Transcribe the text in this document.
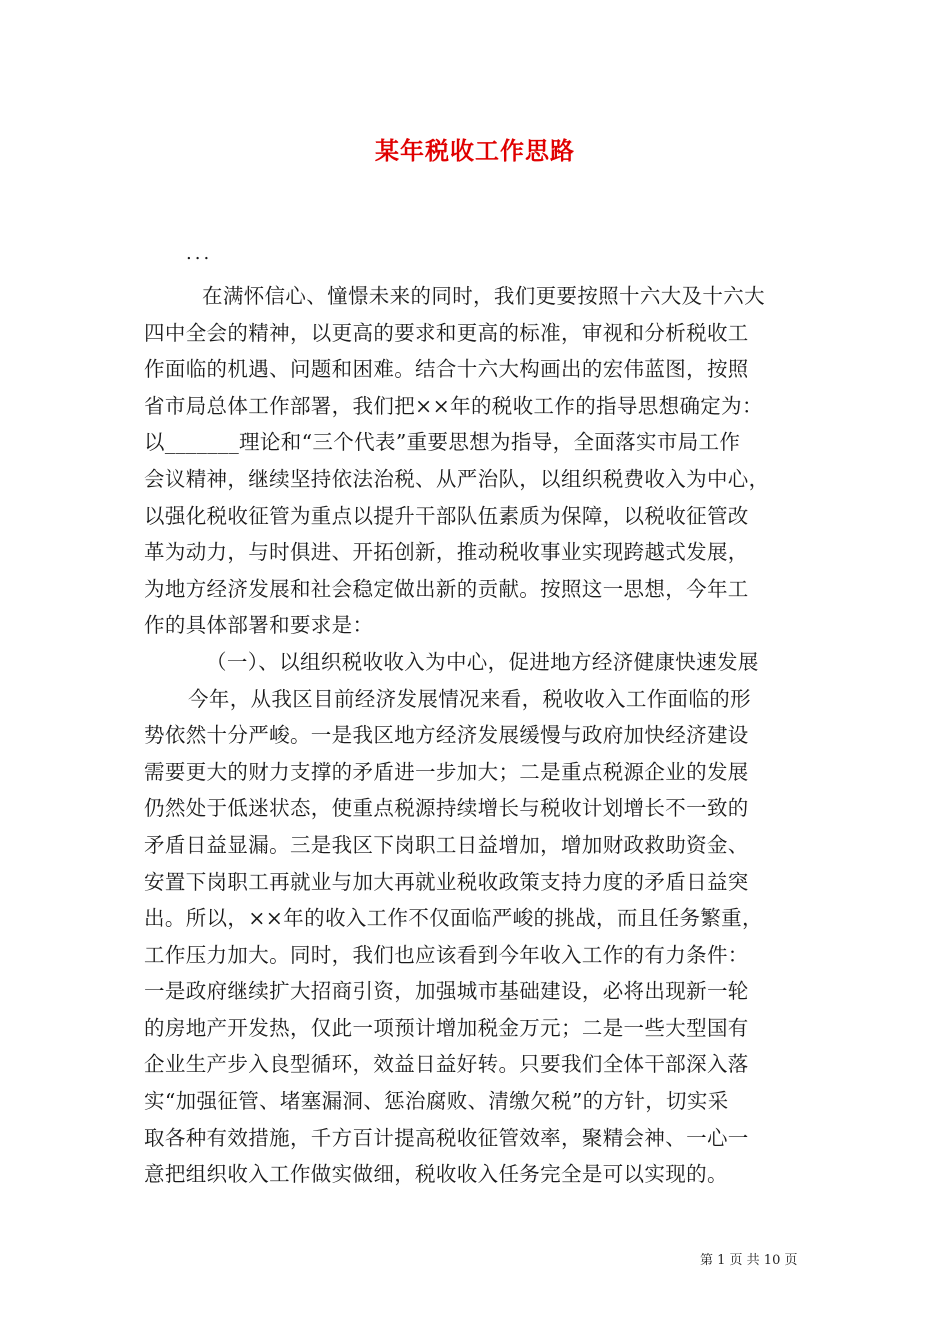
某年税收工作思路
...
在满怀信心、憧憬未来的同时，我们更要按照十六大及十六大
四中全会的精神，以更高的要求和更高的标准，审视和分析税收工
作面临的机遇、问题和困难。结合十六大构画出的宏伟蓝图，按照
省市局总体工作部署，我们把××年的税收工作的指导思想确定为：
以_______理论和“三个代表”重要思想为指导，全面落实市局工作
会议精神，继续坚持依法治税、从严治队，以组织税费收入为中心，
以强化税收征管为重点以提升干部队伍素质为保障，以税收征管改
革为动力，与时俱进、开拓创新，推动税收事业实现跨越式发展，
为地方经济发展和社会稳定做出新的贡献。按照这一思想，今年工
作的具体部署和要求是：
（一）、以组织税收收入为中心，促进地方经济健康快速发展
今年，从我区目前经济发展情况来看，税收收入工作面临的形
势依然十分严峻。一是我区地方经济发展缓慢与政府加快经济建设
需要更大的财力支撑的矛盾进一步加大；二是重点税源企业的发展
仍然处于低迷状态，使重点税源持续增长与税收计划增长不一致的
矛盾日益显漏。三是我区下岗职工日益增加，增加财政救助资金、
安置下岗职工再就业与加大再就业税收政策支持力度的矛盾日益突
出。所以，××年的收入工作不仅面临严峻的挑战，而且任务繁重，
工作压力加大。同时，我们也应该看到今年收入工作的有力条件：
一是政府继续扩大招商引资，加强城市基础建设，必将出现新一轮
的房地产开发热，仅此一项预计增加税金万元；二是一些大型国有
企业生产步入良型循环，效益日益好转。只要我们全体干部深入落
实“加强征管、堵塞漏洞、惩治腐败、清缴欠税”的方针，切实采
取各种有效措施，千方百计提高税收征管效率，聚精会神、一心一
意把组织收入工作做实做细，税收收入任务完全是可以实现的。
第 1 页 共 10 页
